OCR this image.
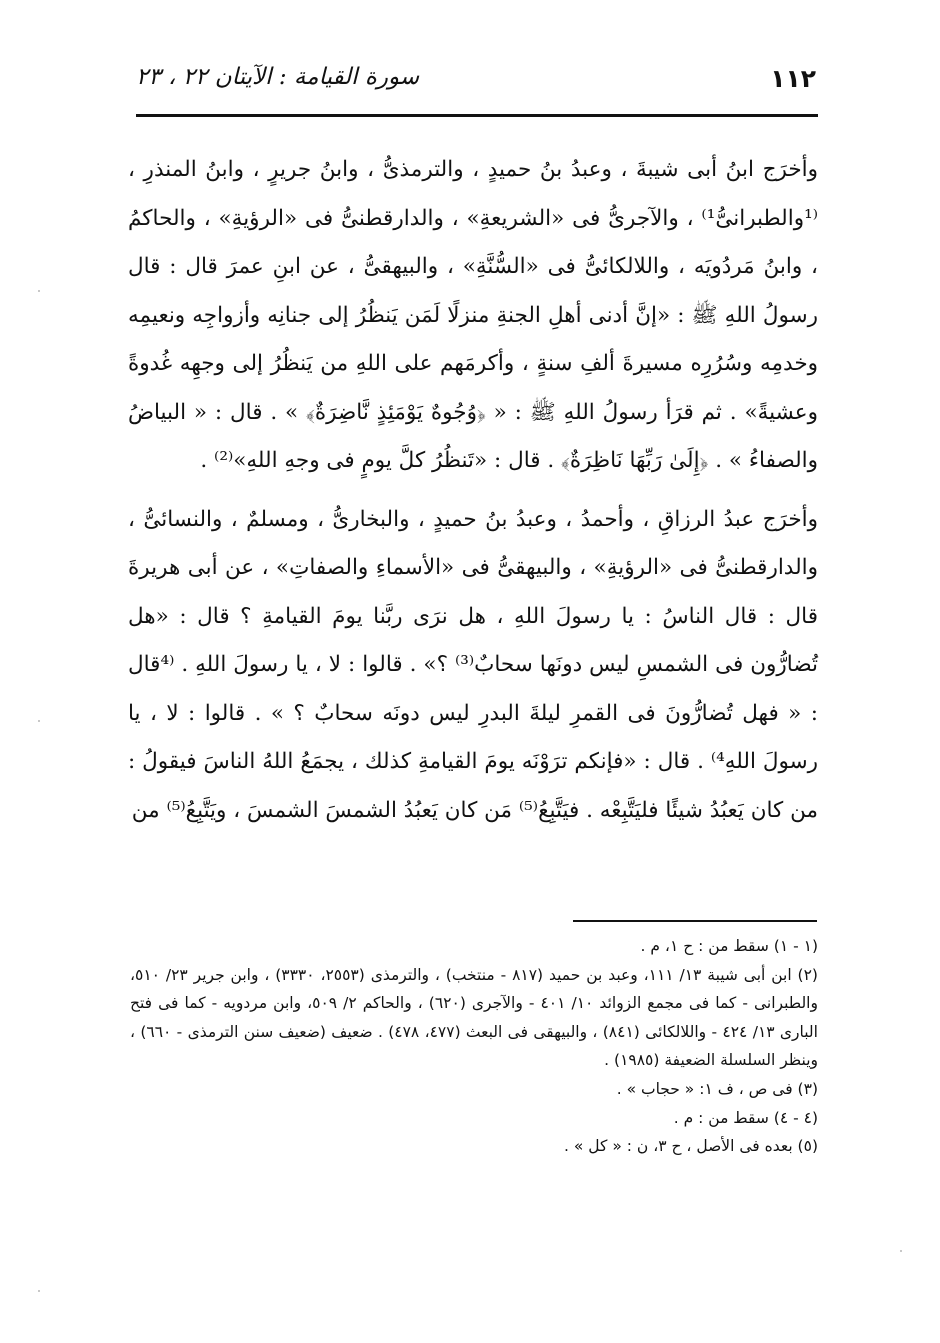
١١٢
سورة القيامة : الآيتان ٢٢ ، ٢٣

وأخرَج ابنُ أبى شيبةَ ، وعبدُ بنُ حميدٍ ، والترمذىُّ ، وابنُ جريرٍ ، وابنُ المنذرِ ، ⁽¹والطبرانىُّ¹⁾ ، والآجرىُّ فى «الشريعةِ» ، والدارقطنىُّ فى «الرؤيةِ» ، والحاكمُ ، وابنُ مَردُويَه ، واللالكائىُّ فى «السُّنَّةِ» ، والبيهقىُّ ، عن ابنِ عمرَ قال : قال رسولُ اللهِ ﷺ : «إنَّ أدنى أهلِ الجنةِ منزلًا لَمَن يَنظُرُ إلى جنانِه وأزواجِه ونعيمِه وخدمِه وسُرُرِه مسيرةَ ألفِ سنةٍ ، وأكرمَهم على اللهِ من يَنظُرُ إلى وجهِه غُدوةً وعشيةً» . ثم قرَأ رسولُ اللهِ ﷺ : « ﴿وُجُوهٌ يَوْمَئِذٍ نَّاضِرَةٌ﴾ » . قال : « البياضُ والصفاءُ » . ﴿إِلَىٰ رَبِّهَا نَاظِرَةٌ﴾ . قال : «تَنظُرُ كلَّ يومٍ فى وجهِ اللهِ»⁽²⁾ .

وأخرَج عبدُ الرزاقِ ، وأحمدُ ، وعبدُ بنُ حميدٍ ، والبخارىُّ ، ومسلمٌ ، والنسائىُّ ، والدارقطنىُّ فى «الرؤيةِ» ، والبيهقىُّ فى «الأسماءِ والصفاتِ» ، عن أبى هريرةَ قال : قال الناسُ : يا رسولَ اللهِ ، هل نرَى ربَّنا يومَ القيامةِ ؟ قال : «هل تُضارُّون فى الشمسِ ليس دونَها سحابٌ⁽³⁾ ؟» . قالوا : لا ، يا رسولَ اللهِ . ⁽⁴قال : « فهل تُضارُّونَ فى القمرِ ليلةَ البدرِ ليس دونَه سحابٌ ؟ » . قالوا : لا ، يا رسولَ اللهِ⁴⁾ . قال : «فإنكم ترَوْنَه يومَ القيامةِ كذلك ، يجمَعُ اللهُ الناسَ فيقولُ : من كان يَعبُدُ شيئًا فليَتَّبِعْه . فيَتَّبِعُ⁽⁵⁾ مَن كان يَعبُدُ الشمسَ الشمسَ ، ويَتَّبِعُ⁽⁵⁾ من

(١ - ١) سقط من : ح ١، م .

(٢) ابن أبى شيبة ١٣/ ١١١، وعبد بن حميد (٨١٧ - منتخب) ، والترمذى (٢٥٥٣، ٣٣٣٠) ، وابن جرير ٢٣/ ٥١٠، والطبرانى - كما فى مجمع الزوائد ١٠/ ٤٠١ - والآجرى (٦٢٠) ، والحاكم ٢/ ٥٠٩، وابن مردويه - كما فى فتح البارى ١٣/ ٤٢٤ - واللالكائى (٨٤١) ، والبيهقى فى البعث (٤٧٧، ٤٧٨) . ضعيف (ضعيف سنن الترمذى - ٦٦٠) ، وينظر السلسلة الضعيفة (١٩٨٥) .

(٣) فى ص ، ف ١: « حجاب » .

(٤ - ٤) سقط من : م .

(٥) بعده فى الأصل ، ح ٣، ن : « كل » .
